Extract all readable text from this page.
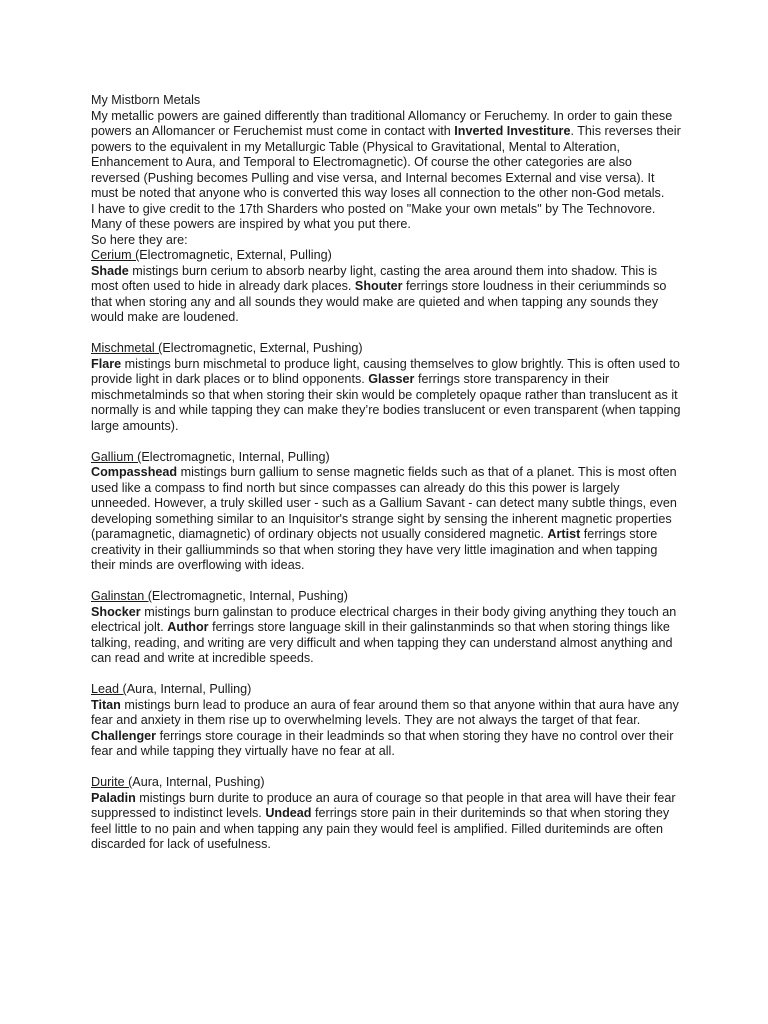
My Mistborn Metals

My metallic powers are gained differently than traditional Allomancy or Feruchemy. In order to gain these powers an Allomancer or Feruchemist must come in contact with Inverted Investiture. This reverses their powers to the equivalent in my Metallurgic Table (Physical to Gravitational, Mental to Alteration, Enhancement to Aura, and Temporal to Electromagnetic). Of course the other categories are also reversed (Pushing becomes Pulling and vise versa, and Internal becomes External and vise versa). It must be noted that anyone who is converted this way loses all connection to the other non-God metals.

I have to give credit to the 17th Sharders who posted on "Make your own metals" by The Technovore. Many of these powers are inspired by what you put there.

So here they are:

Cerium (Electromagnetic, External, Pulling)

Shade mistings burn cerium to absorb nearby light, casting the area around them into shadow. This is most often used to hide in already dark places. Shouter ferrings store loudness in their ceriumminds so that when storing any and all sounds they would make are quieted and when tapping any sounds they would make are loudened.

Mischmetal (Electromagnetic, External, Pushing)

Flare mistings burn mischmetal to produce light, causing themselves to glow brightly. This is often used to provide light in dark places or to blind opponents. Glasser ferrings store transparency in their mischmetalminds so that when storing their skin would be completely opaque rather than translucent as it normally is and while tapping they can make they’re bodies translucent or even transparent (when tapping large amounts).

Gallium (Electromagnetic, Internal, Pulling)

Compasshead mistings burn gallium to sense magnetic fields such as that of a planet. This is most often used like a compass to find north but since compasses can already do this this power is largely unneeded. However, a truly skilled user - such as a Gallium Savant - can detect many subtle things, even developing something similar to an Inquisitor's strange sight by sensing the inherent magnetic properties (paramagnetic, diamagnetic) of ordinary objects not usually considered magnetic. Artist ferrings store creativity in their galliumminds so that when storing they have very little imagination and when tapping their minds are overflowing with ideas.

Galinstan (Electromagnetic, Internal, Pushing)

Shocker mistings burn galinstan to produce electrical charges in their body giving anything they touch an electrical jolt. Author ferrings store language skill in their galinstanminds so that when storing things like talking, reading, and writing are very difficult and when tapping they can understand almost anything and can read and write at incredible speeds.

Lead (Aura, Internal, Pulling)

Titan mistings burn lead to produce an aura of fear around them so that anyone within that aura have any fear and anxiety in them rise up to overwhelming levels. They are not always the target of that fear. Challenger ferrings store courage in their leadminds so that when storing they have no control over their fear and while tapping they virtually have no fear at all.

Durite (Aura, Internal, Pushing)

Paladin mistings burn durite to produce an aura of courage so that people in that area will have their fear suppressed to indistinct levels. Undead ferrings store pain in their duriteminds so that when storing they feel little to no pain and when tapping any pain they would feel is amplified. Filled duriteminds are often discarded for lack of usefulness.
